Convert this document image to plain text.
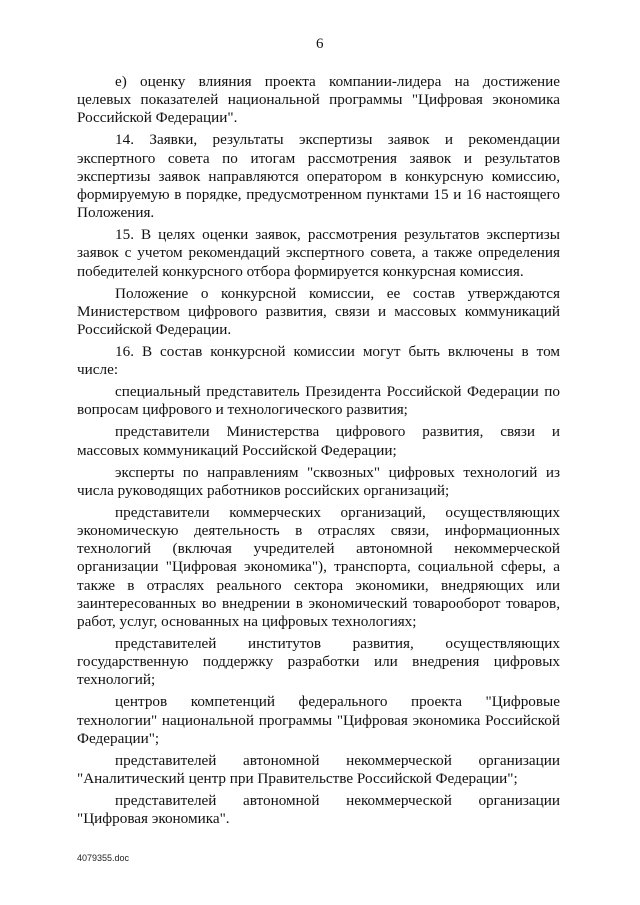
6

е) оценку влияния проекта компании-лидера на достижение целевых показателей национальной программы "Цифровая экономика Российской Федерации".

14. Заявки, результаты экспертизы заявок и рекомендации экспертного совета по итогам рассмотрения заявок и результатов экспертизы заявок направляются оператором в конкурсную комиссию, формируемую в порядке, предусмотренном пунктами 15 и 16 настоящего Положения.

15. В целях оценки заявок, рассмотрения результатов экспертизы заявок с учетом рекомендаций экспертного совета, а также определения победителей конкурсного отбора формируется конкурсная комиссия.

Положение о конкурсной комиссии, ее состав утверждаются Министерством цифрового развития, связи и массовых коммуникаций Российской Федерации.

16. В состав конкурсной комиссии могут быть включены в том числе:

специальный представитель Президента Российской Федерации по вопросам цифрового и технологического развития;

представители Министерства цифрового развития, связи и массовых коммуникаций Российской Федерации;

эксперты по направлениям "сквозных" цифровых технологий из числа руководящих работников российских организаций;

представители коммерческих организаций, осуществляющих экономическую деятельность в отраслях связи, информационных технологий (включая учредителей автономной некоммерческой организации "Цифровая экономика"), транспорта, социальной сферы, а также в отраслях реального сектора экономики, внедряющих или заинтересованных во внедрении в экономический товарооборот товаров, работ, услуг, основанных на цифровых технологиях;

представителей институтов развития, осуществляющих государственную поддержку разработки или внедрения цифровых технологий;

центров компетенций федерального проекта "Цифровые технологии" национальной программы "Цифровая экономика Российской Федерации";

представителей автономной некоммерческой организации "Аналитический центр при Правительстве Российской Федерации";

представителей автономной некоммерческой организации "Цифровая экономика".

4079355.doc
